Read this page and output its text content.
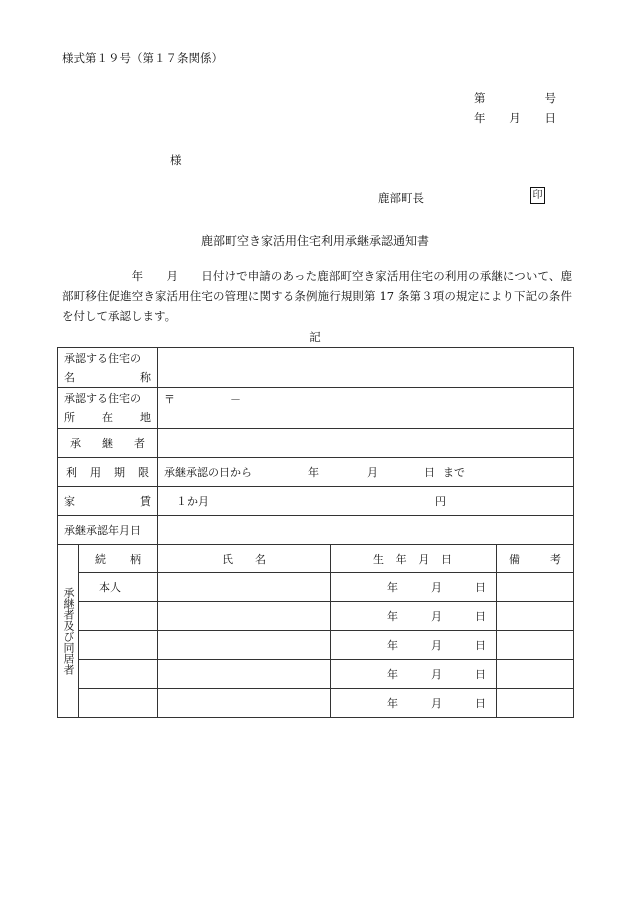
様式第１９号（第１７条関係）
第	号
年 月 日
様
鹿部町長	印
鹿部町空き家活用住宅利用承継承認通知書
　　　　　　年　　月　　日付けで申請のあった鹿部町空き家活用住宅の利用の承継について、鹿部町移住促進空き家活用住宅の管理に関する条例施行規則第 17 条第３項の規定により下記の条件を付して承認します。
記
承認する住宅の
名 称				

承認する住宅の
所 在 地		〒 －		

承 継 者				

利 用 期 限		承継承認の日から 年 月 日 まで		

家 賃		１か月 円		

承継承認年月日				

承継者及び同居者	続 柄	氏 名	生 年 月 日	備 考

	本人		年 月 日	

			年 月 日	

			年 月 日	

			年 月 日	

			年 月 日	
